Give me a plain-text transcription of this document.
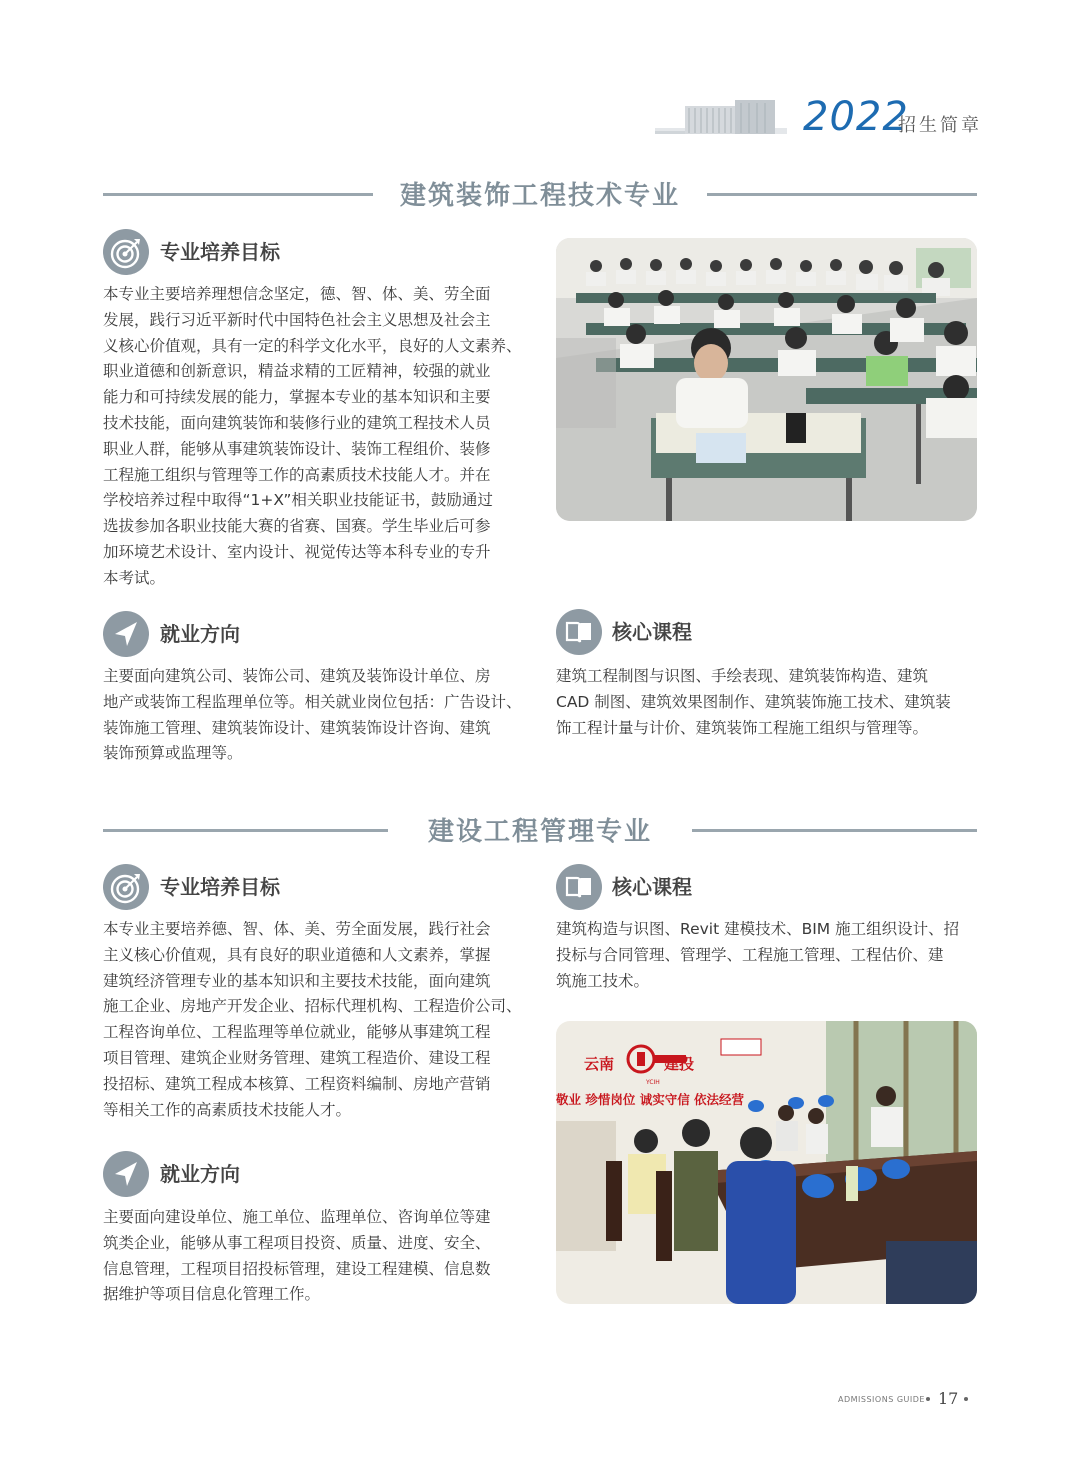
2022
招生简章
建筑装饰工程技术专业
专业培养目标
本专业主要培养理想信念坚定，德、智、体、美、劳全面
发展，践行习近平新时代中国特色社会主义思想及社会主
义核心价值观，具有一定的科学文化水平，良好的人文素养、
职业道德和创新意识，精益求精的工匠精神，较强的就业
能力和可持续发展的能力，掌握本专业的基本知识和主要
技术技能，面向建筑装饰和装修行业的建筑工程技术人员
职业人群，能够从事建筑装饰设计、装饰工程组价、装修
工程施工组织与管理等工作的高素质技术技能人才。并在
学校培养过程中取得“1+X”相关职业技能证书，鼓励通过
选拔参加各职业技能大赛的省赛、国赛。学生毕业后可参
加环境艺术设计、室内设计、视觉传达等本科专业的专升
本考试。
就业方向
主要面向建筑公司、装饰公司、建筑及装饰设计单位、房
地产或装饰工程监理单位等。相关就业岗位包括：广告设计、
装饰施工管理、建筑装饰设计、建筑装饰设计咨询、建筑
装饰预算或监理等。
核心课程
建筑工程制图与识图、手绘表现、建筑装饰构造、建筑
CAD 制图、建筑效果图制作、建筑装饰施工技术、建筑装
饰工程计量与计价、建筑装饰工程施工组织与管理等。
建设工程管理专业
专业培养目标
本专业主要培养德、智、体、美、劳全面发展，践行社会
主义核心价值观，具有良好的职业道德和人文素养，掌握
建筑经济管理专业的基本知识和主要技术技能，面向建筑
施工企业、房地产开发企业、招标代理机构、工程造价公司、
工程咨询单位、工程监理等单位就业，能够从事建筑工程
项目管理、建筑企业财务管理、建筑工程造价、建设工程
投招标、建筑工程成本核算、工程资料编制、房地产营销
等相关工作的高素质技术技能人才。
核心课程
建筑构造与识图、Revit 建模技术、BIM 施工组织设计、招
投标与合同管理、管理学、工程施工管理、工程估价、建
筑施工技术。
云南
YCIH
建投
敬业 珍惜岗位 诚实守信 依法经营
就业方向
主要面向建设单位、施工单位、监理单位、咨询单位等建
筑类企业，能够从事工程项目投资、质量、进度、安全、
信息管理，工程项目招投标管理，建设工程建模、信息数
据维护等项目信息化管理工作。
ADMISSIONS GUIDE 17
